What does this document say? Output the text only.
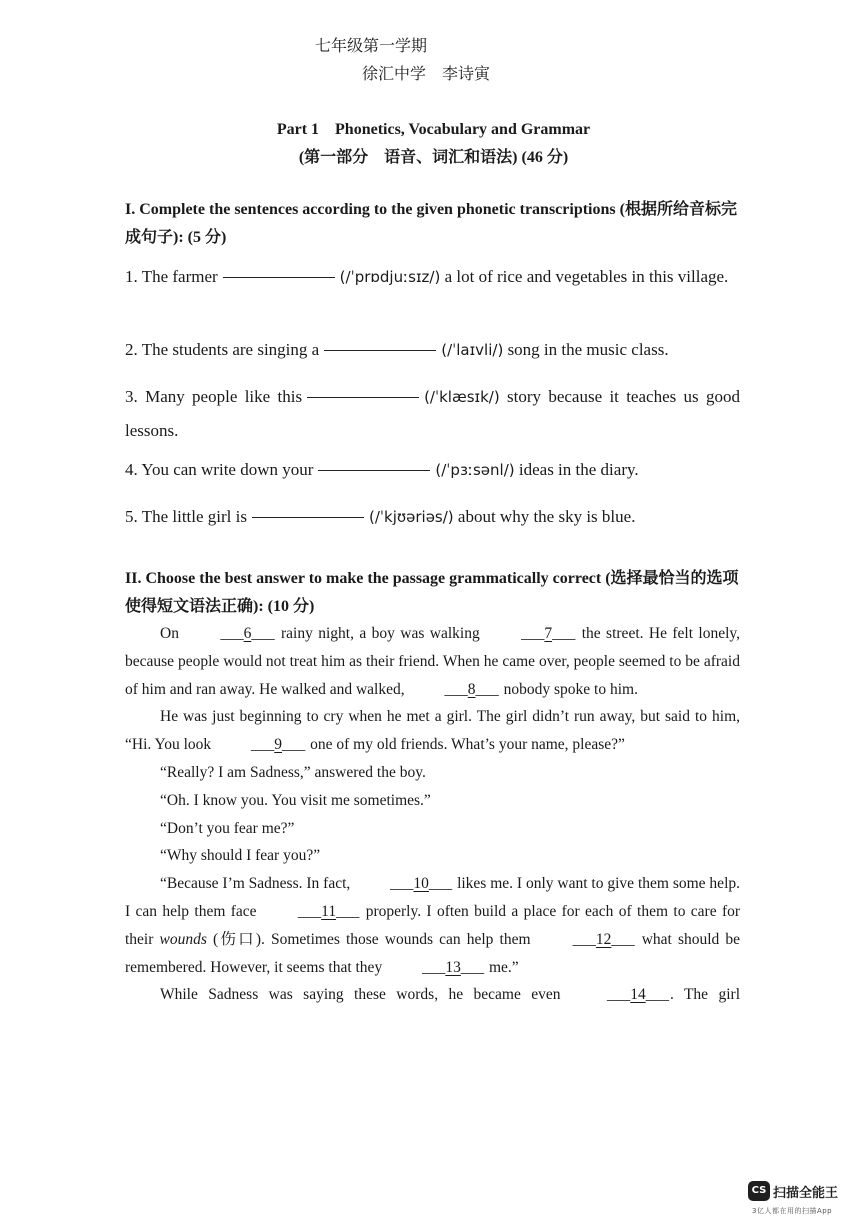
七年级第一学期
徐汇中学　李诗寅
Part 1　Phonetics, Vocabulary and Grammar
(第一部分　语音、词汇和语法) (46 分)
I. Complete the sentences according to the given phonetic transcriptions (根据所给音标完成句子): (5 分)
1. The farmer	(/ˈprɒdjuːsɪz/) a lot of rice and vegetables in this village.
2. The students are singing a	(/ˈlaɪvli/) song in the music class.
3. Many people like this	(/ˈklæsɪk/) story because it teaches us good lessons.
4. You can write down your	(/ˈpɜːsənl/) ideas in the diary.
5. The little girl is	(/ˈkjʊəriəs/) about why the sky is blue.
II. Choose the best answer to make the passage grammatically correct (选择最恰当的选项使得短文语法正确): (10 分)

On	___6___ rainy night, a boy was walking	___7___ the street. He felt lonely, because people would not treat him as their friend. When he came over, people seemed to be afraid of him and ran away. He walked and walked,	___8___ nobody spoke to him.

He was just beginning to cry when he met a girl. The girl didn’t run away, but said to him, “Hi. You look	___9___ one of my old friends. What’s your name, please?”

“Really? I am Sadness,” answered the boy.

“Oh. I know you. You visit me sometimes.”

“Don’t you fear me?”

“Why should I fear you?”

“Because I’m Sadness. In fact,	___10___ likes me. I only want to give them some help. I can help them face	___11___ properly. I often build a place for each of them to care for their wounds (伤口). Sometimes those wounds can help them	___12___ what should be remembered. However, it seems that they	___13___ me.”

While Sadness was saying these words, he became even	___14___. The girl

CS 扫描全能王
3亿人都在用的扫描App
